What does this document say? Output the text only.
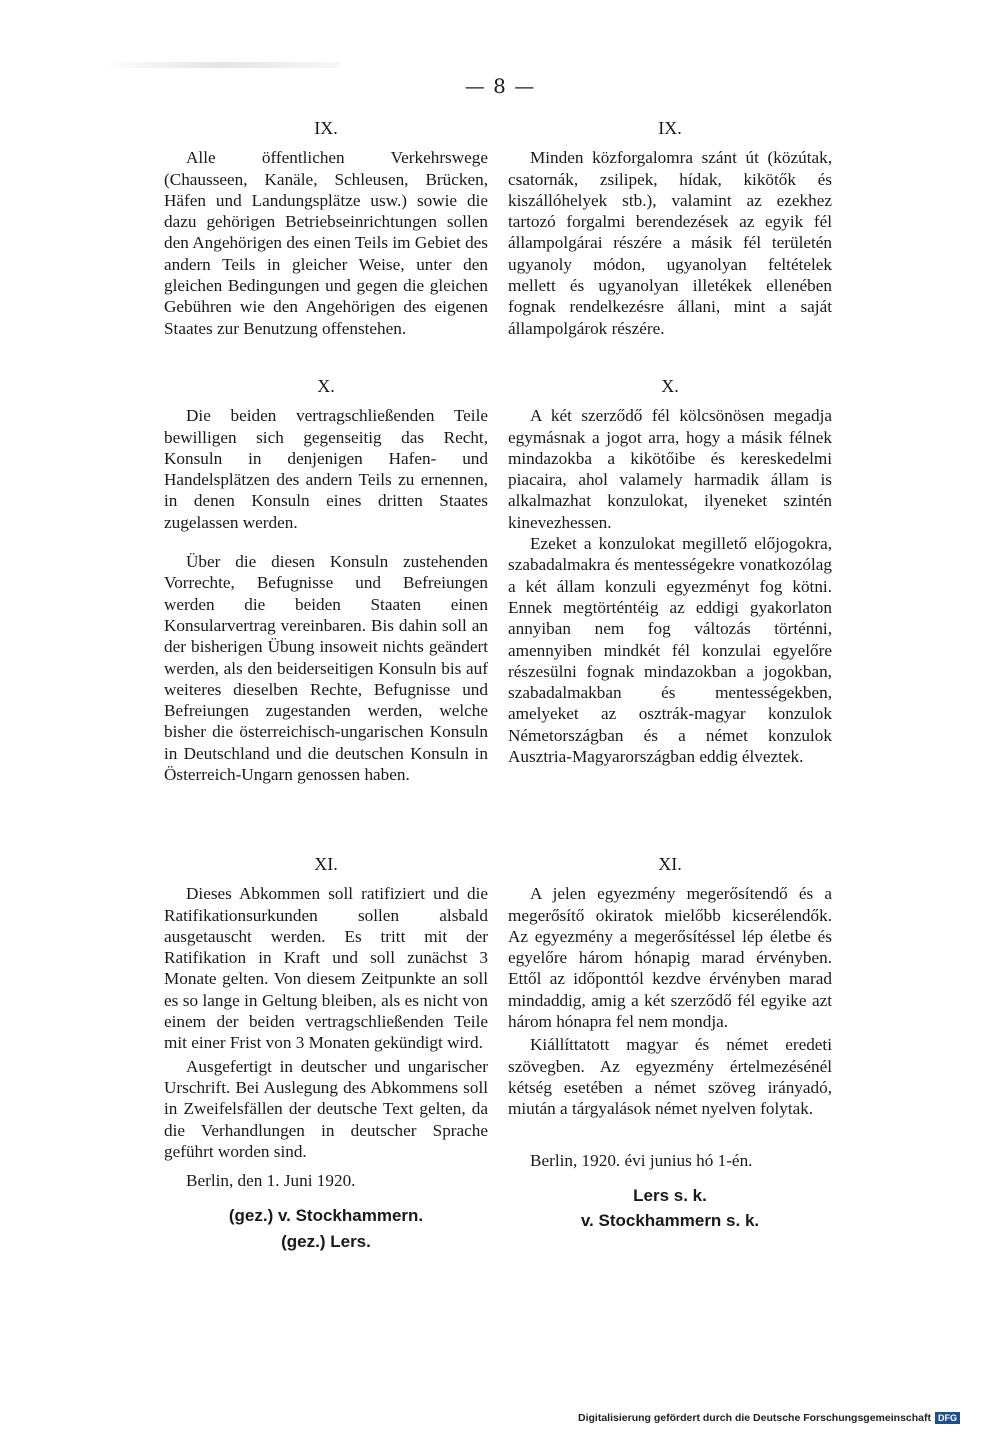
— 8 —
IX.

Alle öffentlichen Verkehrswege (Chausseen, Kanäle, Schleusen, Brücken, Häfen und Landungsplätze usw.) sowie die dazu gehörigen Betriebseinrichtungen sollen den Angehörigen des einen Teils im Gebiet des andern Teils in gleicher Weise, unter den gleichen Bedingungen und gegen die gleichen Gebühren wie den Angehörigen des eigenen Staates zur Benutzung offenstehen.

X.

Die beiden vertragschließenden Teile bewilligen sich gegenseitig das Recht, Konsuln in denjenigen Hafen- und Handelsplätzen des andern Teils zu ernennen, in denen Konsuln eines dritten Staates zugelassen werden.

Über die diesen Konsuln zustehenden Vorrechte, Befugnisse und Befreiungen werden die beiden Staaten einen Konsularvertrag vereinbaren. Bis dahin soll an der bisherigen Übung insoweit nichts geändert werden, als den beiderseitigen Konsuln bis auf weiteres dieselben Rechte, Befugnisse und Befreiungen zugestanden werden, welche bisher die österreichisch-ungarischen Konsuln in Deutschland und die deutschen Konsuln in Österreich-Ungarn genossen haben.

XI.

Dieses Abkommen soll ratifiziert und die Ratifikationsurkunden sollen alsbald ausgetauscht werden. Es tritt mit der Ratifikation in Kraft und soll zunächst 3 Monate gelten. Von diesem Zeitpunkte an soll es so lange in Geltung bleiben, als es nicht von einem der beiden vertragschließenden Teile mit einer Frist von 3 Monaten gekündigt wird.

Ausgefertigt in deutscher und ungarischer Urschrift. Bei Auslegung des Abkommens soll in Zweifelsfällen der deutsche Text gelten, da die Verhandlungen in deutscher Sprache geführt worden sind.

Berlin, den 1. Juni 1920.

(gez.) v. Stockhammern.

(gez.) Lers.

IX.

Minden közforgalomra szánt út (közútak, csatornák, zsilipek, hídak, kikötők és kiszállóhelyek stb.), valamint az ezekhez tartozó forgalmi berendezések az egyik fél állampolgárai részére a másik fél területén ugyanoly módon, ugyanolyan feltételek mellett és ugyanolyan illetékek ellenében fognak rendelkezésre állani, mint a saját állampolgárok részére.

X.

A két szerződő fél kölcsönösen megadja egymásnak a jogot arra, hogy a másik félnek mindazokba a kikötőibe és kereskedelmi piacaira, ahol valamely harmadik állam is alkalmazhat konzulokat, ilyeneket szintén kinevezhessen.

Ezeket a konzulokat megillető előjogokra, szabadalmakra és mentességekre vonatkozólag a két állam konzuli egyezményt fog kötni. Ennek megtörténtéig az eddigi gyakorlaton annyiban nem fog változás történni, amennyiben mindkét fél konzulai egyelőre részesülni fognak mindazokban a jogokban, szabadalmakban és mentességekben, amelyeket az osztrák-magyar konzulok Németországban és a német konzulok Ausztria-Magyarországban eddig élveztek.

XI.

A jelen egyezmény megerősítendő és a megerősítő okiratok mielőbb kicserélendők. Az egyezmény a megerősítéssel lép életbe és egyelőre három hónapig marad érvényben. Ettől az időponttól kezdve érvényben marad mindaddig, amig a két szerződő fél egyike azt három hónapra fel nem mondja.

Kiállíttatott magyar és német eredeti szövegben. Az egyezmény értelmezésénél kétség esetében a német szöveg irányadó, miután a tárgyalások német nyelven folytak.

Berlin, 1920. évi junius hó 1-én.

Lers s. k.

v. Stockhammern s. k.

Digitalisierung gefördert durch die Deutsche Forschungsgemeinschaft DFG
